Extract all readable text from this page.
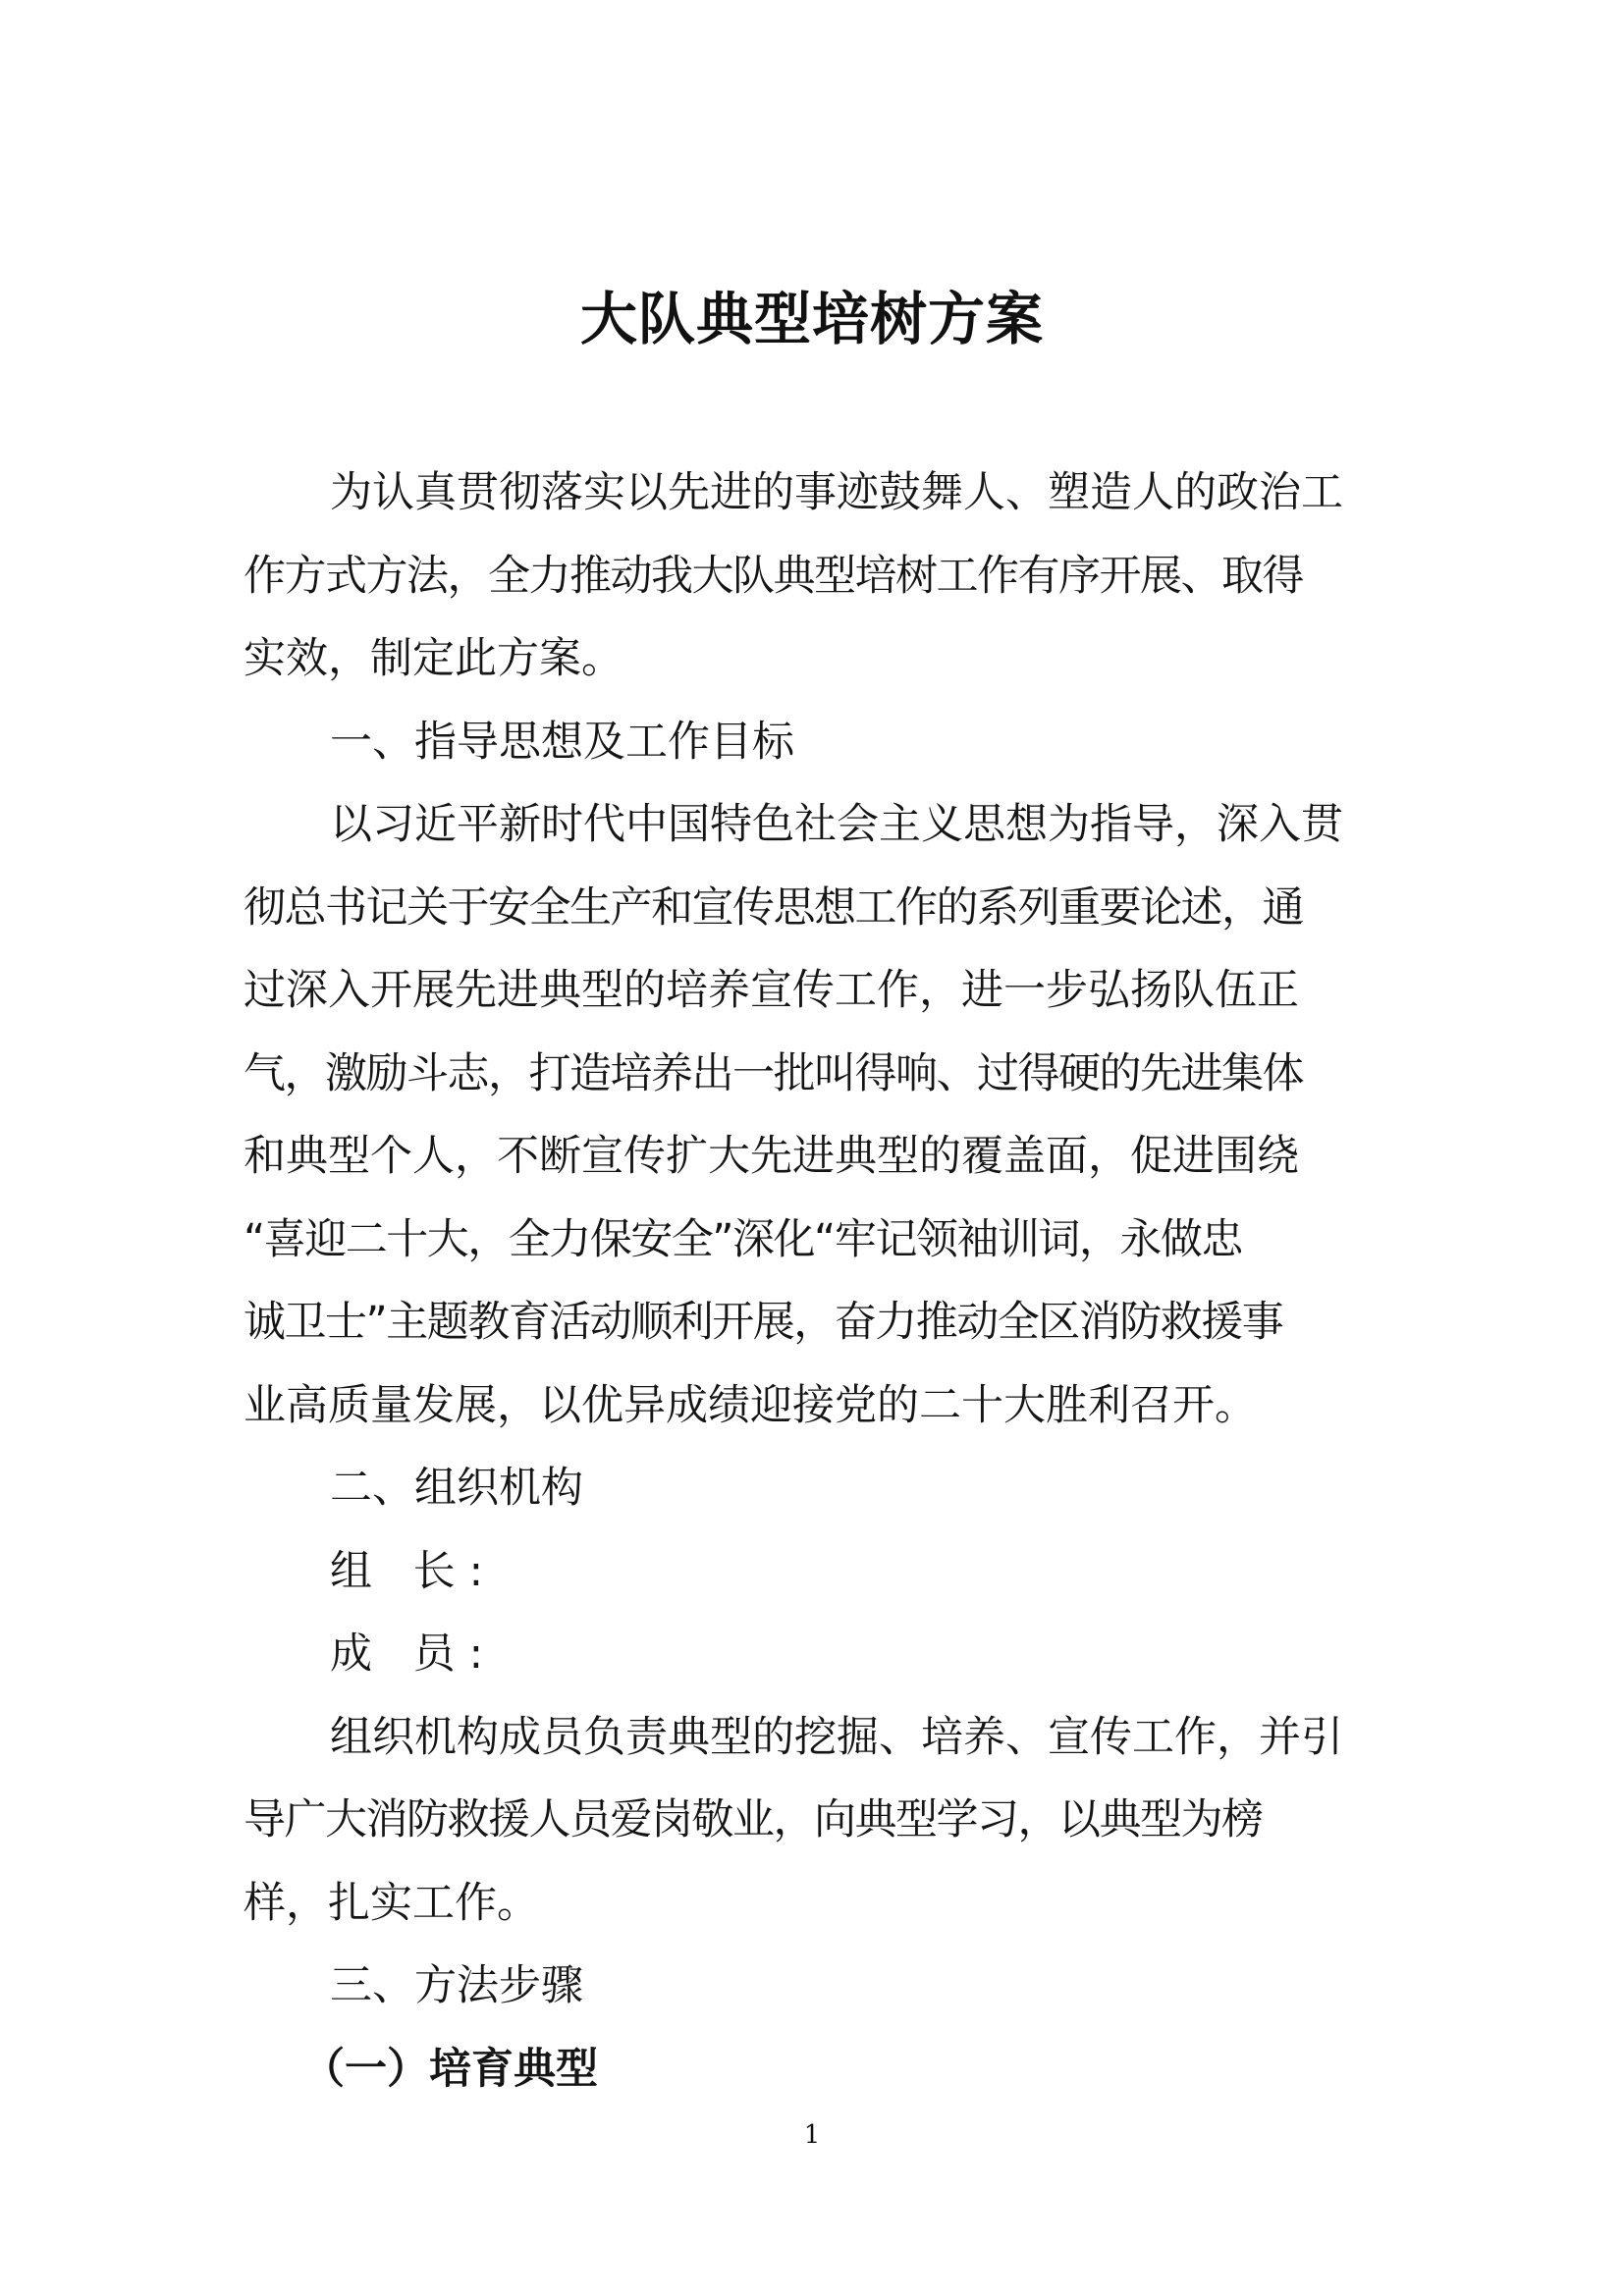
大队典型培树方案
为认真贯彻落实以先进的事迹鼓舞人、塑造人的政治工
作方式方法，全力推动我大队典型培树工作有序开展、取得
实效，制定此方案。
一、指导思想及工作目标
以习近平新时代中国特色社会主义思想为指导，深入贯
彻总书记关于安全生产和宣传思想工作的系列重要论述，通
过深入开展先进典型的培养宣传工作，进一步弘扬队伍正
气，激励斗志，打造培养出一批叫得响、过得硬的先进集体
和典型个人，不断宣传扩大先进典型的覆盖面，促进围绕
“喜迎二十大，全力保安全”深化“牢记领袖训词，永做忠
诚卫士”主题教育活动顺利开展，奋力推动全区消防救援事
业高质量发展，以优异成绩迎接党的二十大胜利召开。
二、组织机构
组 长:
成 员:
组织机构成员负责典型的挖掘、培养、宣传工作，并引
导广大消防救援人员爱岗敬业，向典型学习，以典型为榜
样，扎实工作。
三、方法步骤
（一）培育典型
1
